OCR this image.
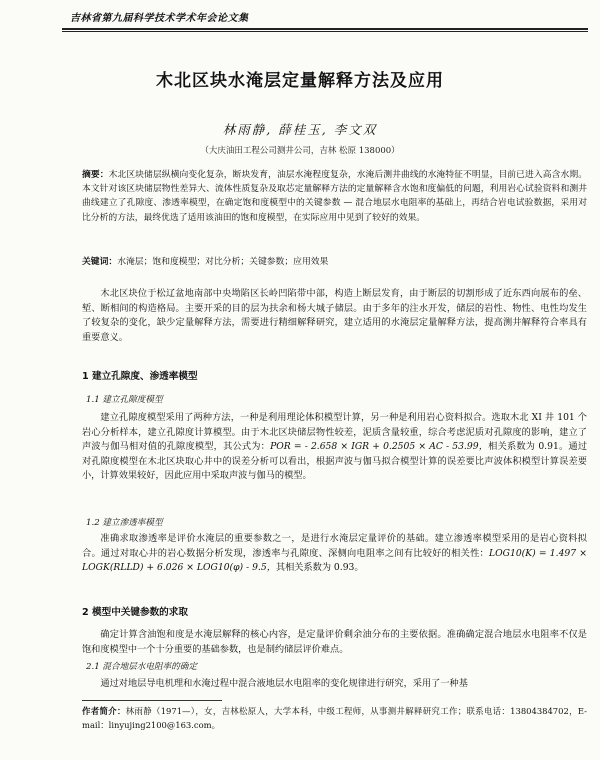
吉林省第九届科学技术学术年会论文集
木北区块水淹层定量解释方法及应用
林雨静, 薛桂玉, 李文双
（大庆油田工程公司测井公司，吉林 松原 138000）
摘要：木北区块储层纵横向变化复杂，断块发育，油层水淹程度复杂，水淹后测井曲线的水淹特征不明显，目前已进入高含水期。本文针对该区块储层物性差异大、流体性质复杂及取芯定量解释方法的定量解释含水饱和度偏低的问题，利用岩心试验资料和测井曲线建立了孔隙度、渗透率模型，在确定饱和度模型中的关键参数 — 混合地层水电阻率的基础上，再结合岩电试验数据，采用对比分析的方法，最终优选了适用该油田的饱和度模型，在实际应用中见到了较好的效果。
关键词：水淹层；饱和度模型；对比分析；关键参数；应用效果
木北区块位于松辽盆地南部中央坳陷区长岭凹陷带中部，构造上断层发育，由于断层的切割形成了近东西向展布的垒、堑、断相间的构造格局。主要开采的目的层为扶余和杨大城子储层。由于多年的注水开发，储层的岩性、物性、电性均发生了较复杂的变化，缺少定量解释方法，需要进行精细解释研究，建立适用的水淹层定量解释方法，提高测井解释符合率具有重要意义。
1 建立孔隙度、渗透率模型
1.1 建立孔隙度模型
建立孔隙度模型采用了两种方法，一种是利用理论体积模型计算，另一种是利用岩心资料拟合。选取木北 XI 井 101 个岩心分析样本，建立孔隙度计算模型。由于木北区块储层物性较差，泥质含量较重，综合考虑泥质对孔隙度的影响，建立了声波与伽马相对值的孔隙度模型，其公式为：POR = - 2.658 × IGR + 0.2505 × AC - 53.99，相关系数为 0.91。通过对孔隙度模型在木北区块取心井中的误差分析可以看出，根据声波与伽马拟合模型计算的误差要比声波体积模型计算误差要小，计算效果较好，因此应用中采取声波与伽马的模型。
1.2 建立渗透率模型
准确求取渗透率是评价水淹层的重要参数之一，是进行水淹层定量评价的基础。建立渗透率模型采用的是岩心资料拟合。通过对取心井的岩心数据分析发现，渗透率与孔隙度、深侧向电阻率之间有比较好的相关性：LOG10(K) = 1.497 × LOGK(RLLD) + 6.026 × LOG10(φ) - 9.5，其相关系数为 0.93。
2 模型中关键参数的求取
确定计算含油饱和度是水淹层解释的核心内容，是定量评价剩余油分布的主要依据。准确确定混合地层水电阻率不仅是饱和度模型中一个十分重要的基础参数，也是制约储层评价难点。
2.1 混合地层水电阻率的确定
通过对地层导电机理和水淹过程中混合液地层水电阻率的变化规律进行研究，采用了一种基
作者简介：林雨静（1971—），女，吉林松原人，大学本科，中级工程师，从事测井解释研究工作；联系电话：13804384702，E-mail：linyujing2100@163.com。
